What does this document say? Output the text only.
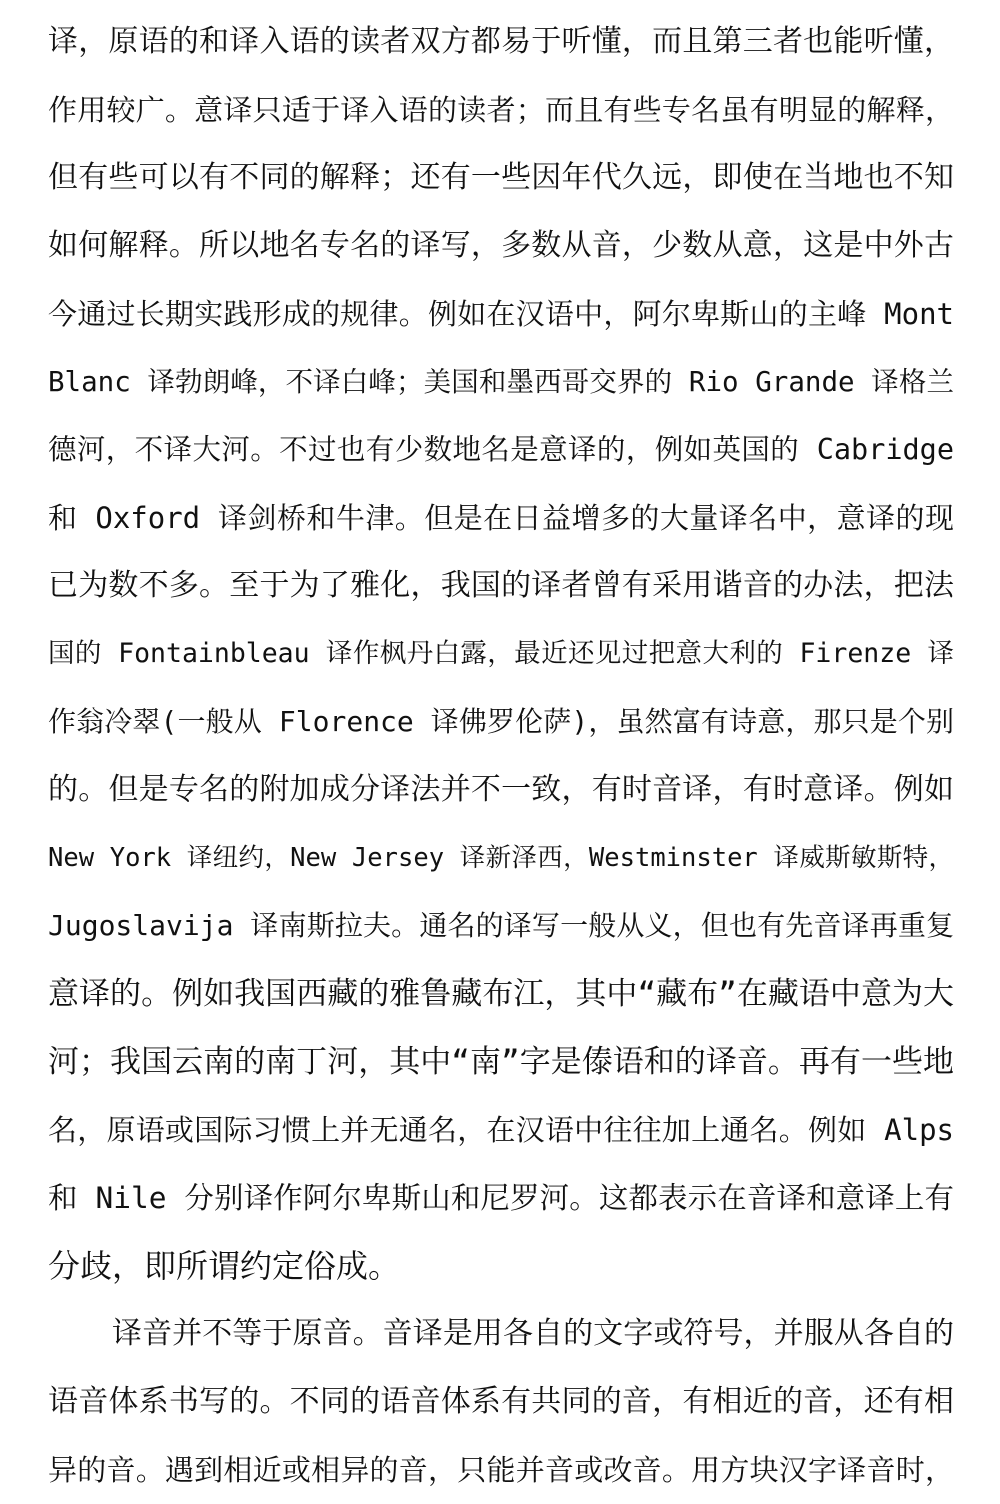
译，原语的和译入语的读者双方都易于听懂，而且第三者也能听懂，
作用较广。意译只适于译入语的读者；而且有些专名虽有明显的解释，
但有些可以有不同的解释；还有一些因年代久远，即使在当地也不知
如何解释。所以地名专名的译写，多数从音，少数从意，这是中外古
今通过长期实践形成的规律。例如在汉语中，阿尔卑斯山的主峰 Mont
Blanc 译勃朗峰，不译白峰；美国和墨西哥交界的 Rio Grande 译格兰
德河，不译大河。不过也有少数地名是意译的，例如英国的 Cabridge
和 Oxford 译剑桥和牛津。但是在日益增多的大量译名中，意译的现
已为数不多。至于为了雅化，我国的译者曾有采用谐音的办法，把法
国的 Fontainbleau 译作枫丹白露，最近还见过把意大利的 Firenze 译
作翁冷翠(一般从 Florence 译佛罗伦萨)，虽然富有诗意，那只是个别
的。但是专名的附加成分译法并不一致，有时音译，有时意译。例如
New York 译纽约，New Jersey 译新泽西，Westminster 译威斯敏斯特，
Jugoslavija 译南斯拉夫。通名的译写一般从义，但也有先音译再重复
意译的。例如我国西藏的雅鲁藏布江，其中“藏布”在藏语中意为大
河；我国云南的南丁河，其中“南”字是傣语和的译音。再有一些地
名，原语或国际习惯上并无通名，在汉语中往往加上通名。例如 Alps
和 Nile 分别译作阿尔卑斯山和尼罗河。这都表示在音译和意译上有
分歧，即所谓约定俗成。
译音并不等于原音。音译是用各自的文字或符号，并服从各自的
语音体系书写的。不同的语音体系有共同的音，有相近的音，还有相
异的音。遇到相近或相异的音，只能并音或改音。用方块汉字译音时，
